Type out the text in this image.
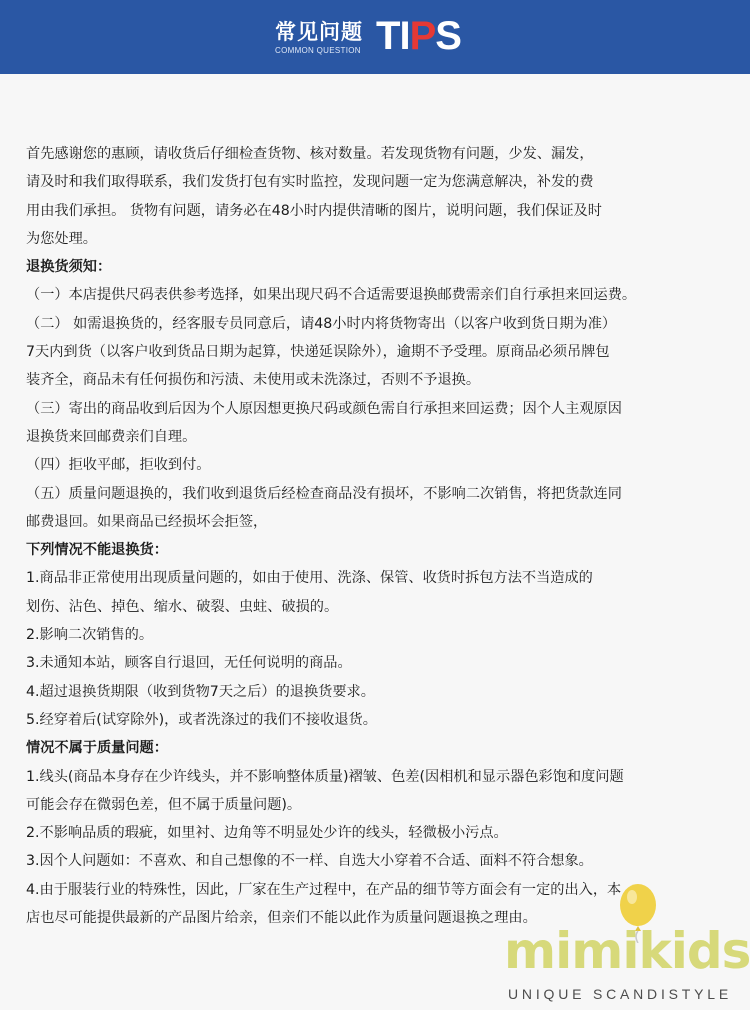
常见问题
COMMON QUESTION T I P S

首先感谢您的惠顾，请收货后仔细检查货物、核对数量。若发现货物有问题，少发、漏发，

请及时和我们取得联系，我们发货打包有实时监控，发现问题一定为您满意解决，补发的费

用由我们承担。 货物有问题，请务必在48小时内提供清晰的图片，说明问题，我们保证及时

为您处理。

退换货须知：

（一）本店提供尺码表供参考选择，如果出现尺码不合适需要退换邮费需亲们自行承担来回运费。

（二） 如需退换货的，经客服专员同意后，请48小时内将货物寄出（以客户收到货日期为准）

7天内到货（以客户收到货品日期为起算，快递延误除外），逾期不予受理。原商品必须吊牌包

装齐全，商品未有任何损伤和污渍、未使用或未洗涤过，否则不予退换。

（三）寄出的商品收到后因为个人原因想更换尺码或颜色需自行承担来回运费；因个人主观原因

退换货来回邮费亲们自理。

（四）拒收平邮，拒收到付。

（五）质量问题退换的，我们收到退货后经检查商品没有损坏，不影响二次销售，将把货款连同

邮费退回。如果商品已经损坏会拒签，

下列情况不能退换货：

1.商品非正常使用出现质量问题的，如由于使用、洗涤、保管、收货时拆包方法不当造成的

划伤、沾色、掉色、缩水、破裂、虫蛀、破损的。

2.影响二次销售的。

3.未通知本站，顾客自行退回，无任何说明的商品。

4.超过退换货期限（收到货物7天之后）的退换货要求。

5.经穿着后(试穿除外)，或者洗涤过的我们不接收退货。

情况不属于质量问题：

1.线头(商品本身存在少许线头，并不影响整体质量)褶皱、色差(因相机和显示器色彩饱和度问题

可能会存在微弱色差，但不属于质量问题)。

2.不影响品质的瑕疵，如里衬、边角等不明显处少许的线头，轻微极小污点。

3.因个人问题如：不喜欢、和自己想像的不一样、自选大小穿着不合适、面料不符合想象。

4.由于服装行业的特殊性，因此，厂家在生产过程中，在产品的细节等方面会有一定的出入，本

店也尽可能提供最新的产品图片给亲，但亲们不能以此作为质量问题退换之理由。

mimikids
UNIQUE SCANDISTYLE
